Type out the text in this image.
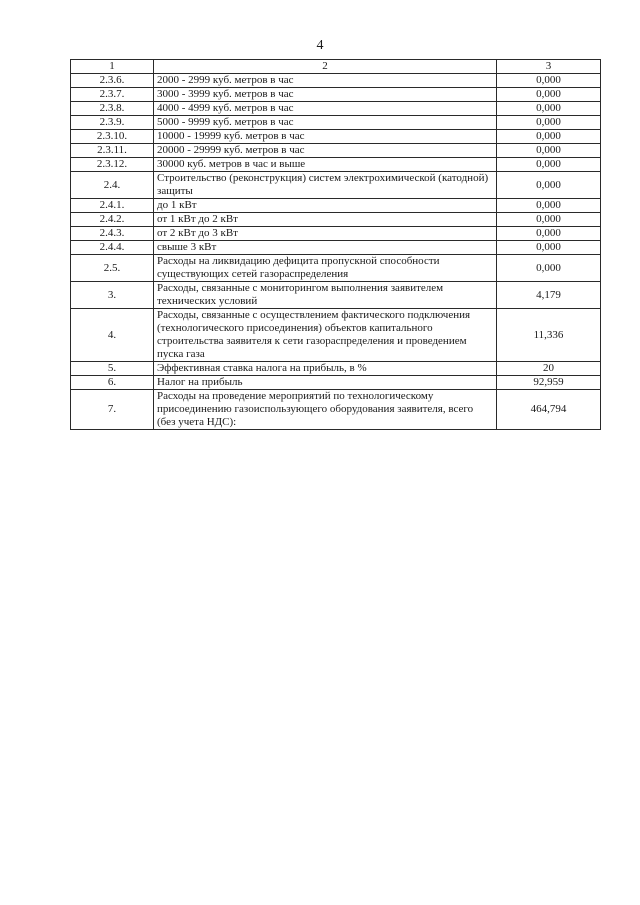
4
1	2	3
2.3.6.	2000 - 2999 куб. метров в час	0,000
2.3.7.	3000 - 3999 куб. метров в час	0,000
2.3.8.	4000 - 4999 куб. метров в час	0,000
2.3.9.	5000 - 9999 куб. метров в час	0,000
2.3.10.	10000 - 19999 куб. метров в час	0,000
2.3.11.	20000 - 29999 куб. метров в час	0,000
2.3.12.	30000 куб. метров в час и выше	0,000
2.4.	Строительство (реконструкция) систем электрохимической (катодной) защиты	0,000
2.4.1.	до 1 кВт	0,000
2.4.2.	от 1 кВт до 2 кВт	0,000
2.4.3.	от 2 кВт до 3 кВт	0,000
2.4.4.	свыше 3 кВт	0,000
2.5.	Расходы на ликвидацию дефицита пропускной способности существующих сетей газораспределения	0,000
3.	Расходы, связанные с мониторингом выполнения заявителем технических условий	4,179
4.	Расходы, связанные с осуществлением фактического подключения (технологического присоединения) объектов капитального строительства заявителя к сети газораспределения и проведением пуска газа	11,336
5.	Эффективная ставка налога на прибыль, в %	20
6.	Налог на прибыль	92,959
7.	Расходы на проведение мероприятий по технологическому присоединению газоиспользующего оборудования заявителя, всего (без учета НДС):	464,794
